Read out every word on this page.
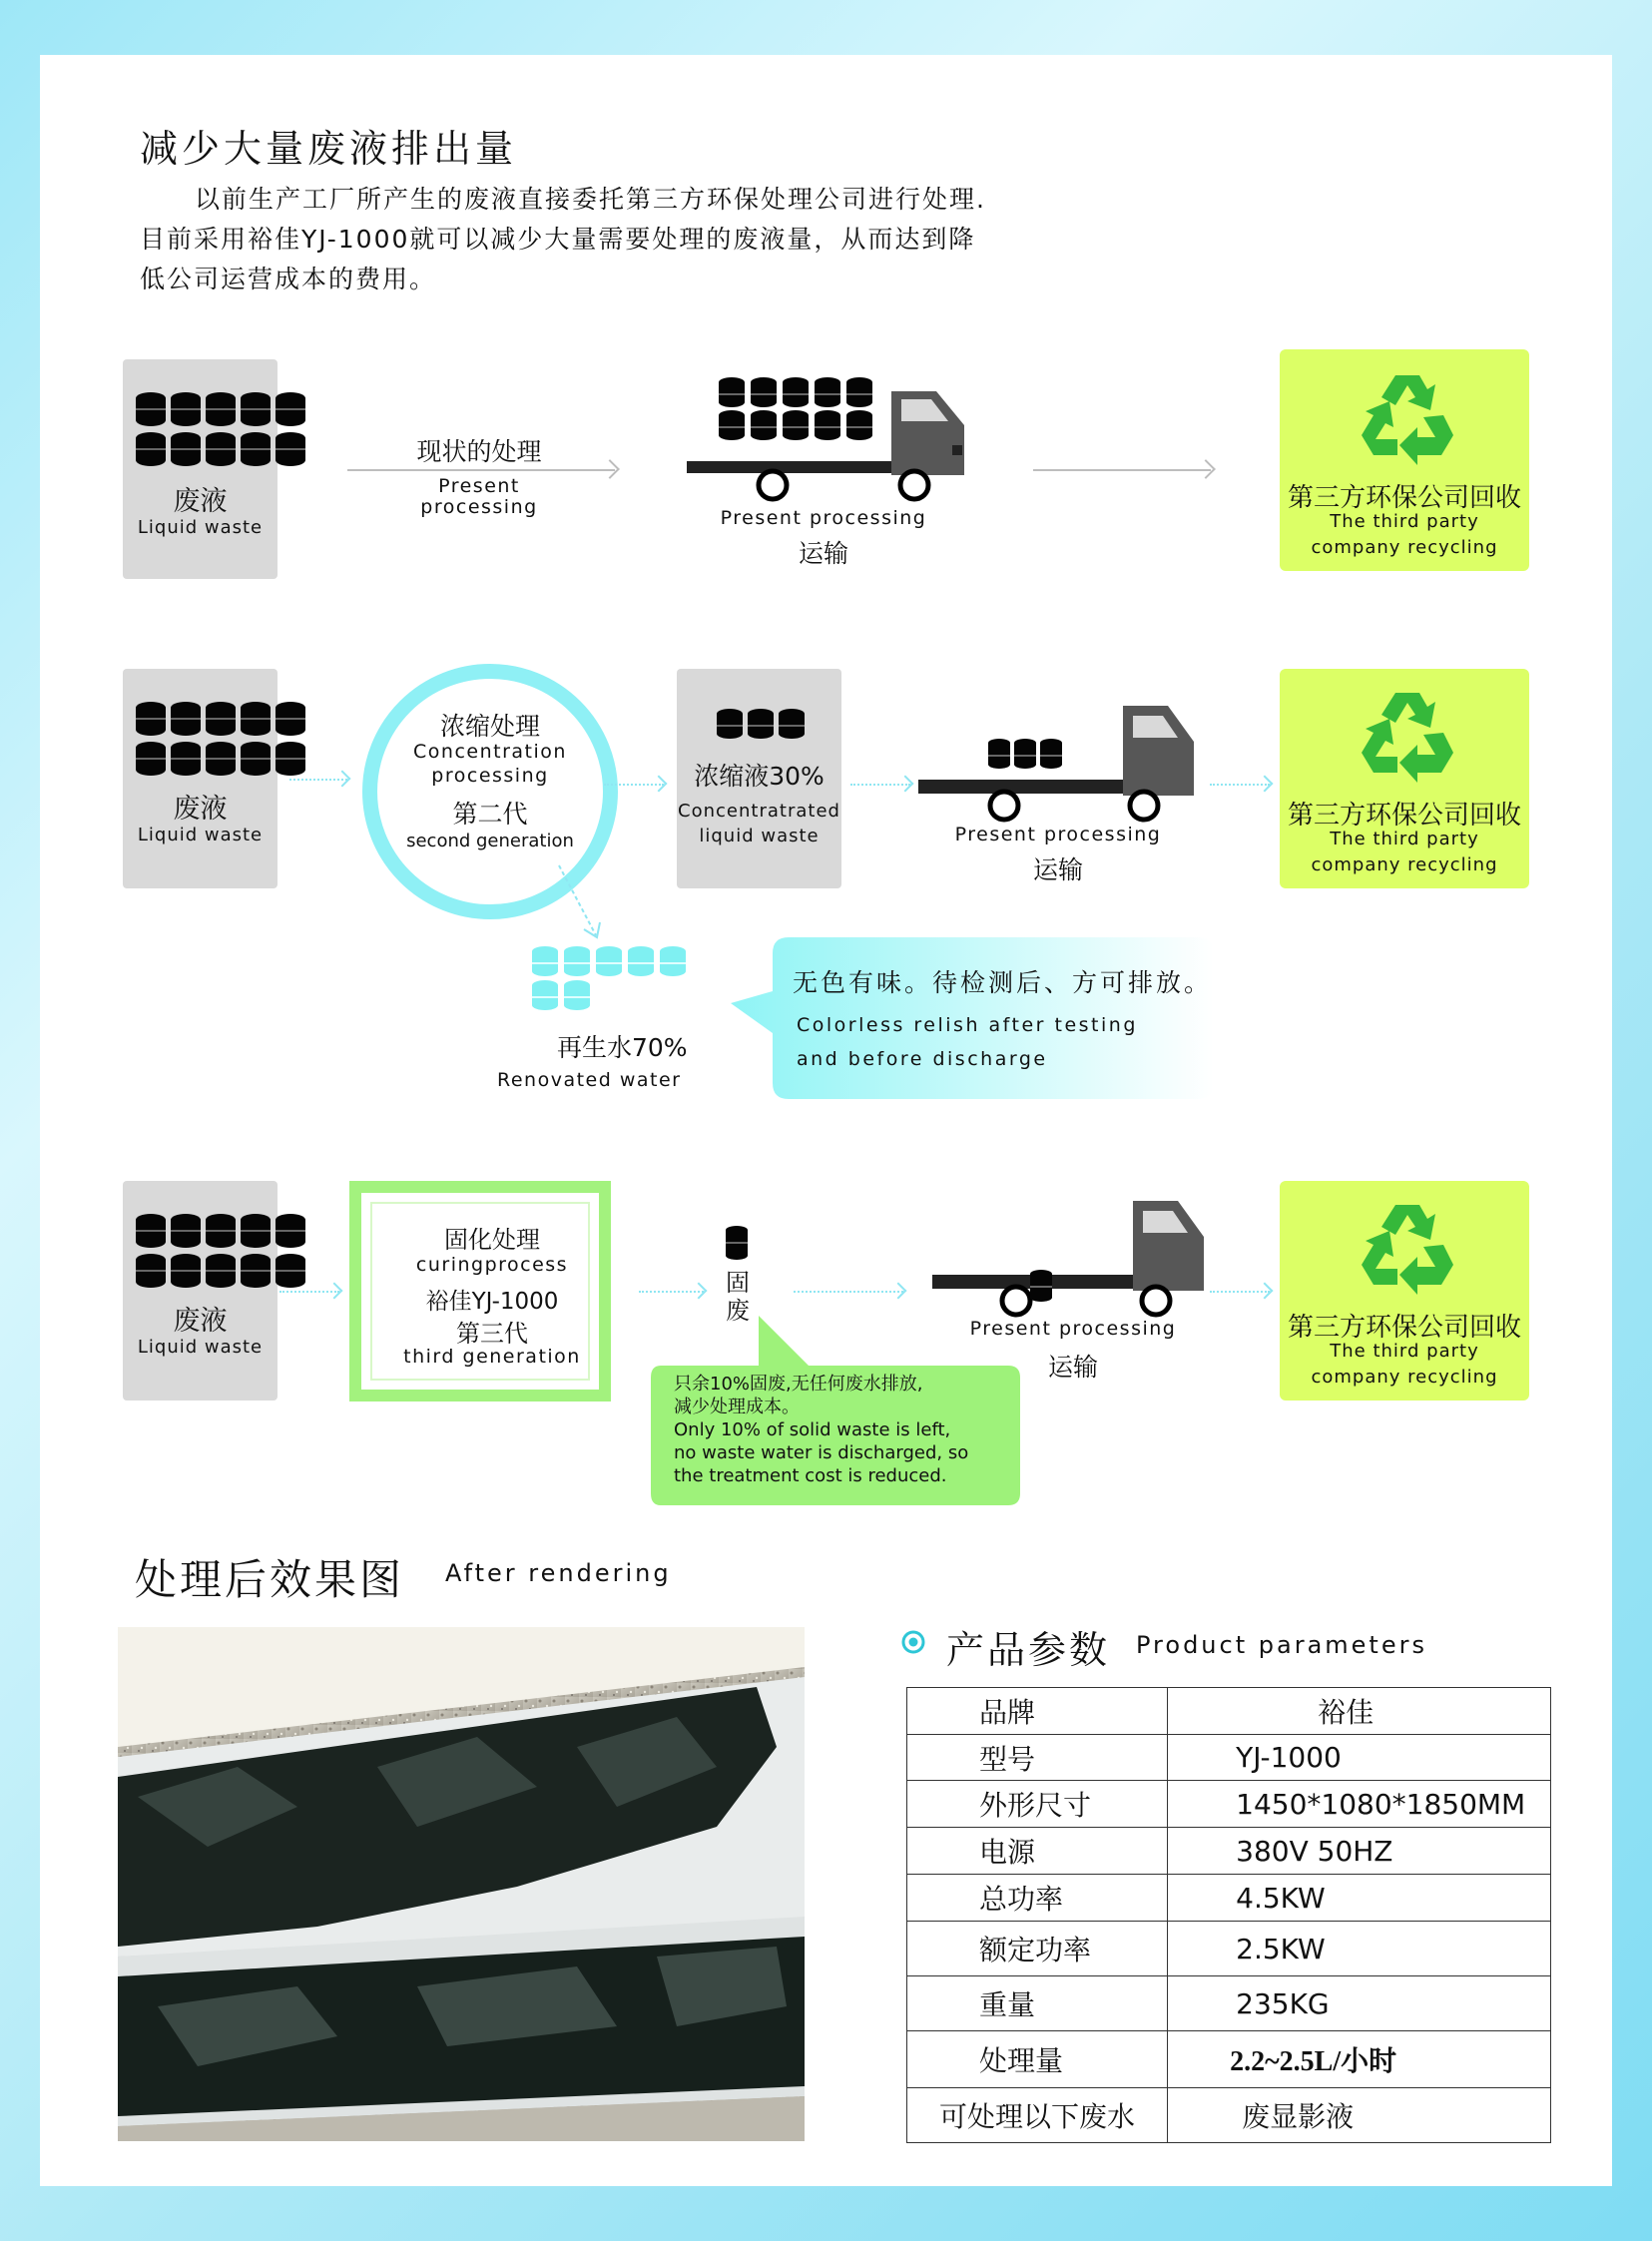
减少大量废液排出量
以前生产工厂所产生的废液直接委托第三方环保处理公司进行处理.
目前采用裕佳YJ-1000就可以减少大量需要处理的废液量，从而达到降
低公司运营成本的费用。
废液
Liquid waste
现状的处理
Present
processing	Present processing
运输
第三方环保公司回收
The third party
company recycling
废液
Liquid waste
浓缩处理
Concentration
processing
第二代
second generation
浓缩液30%
Concentratrated
liquid waste	Present processing
运输
第三方环保公司回收
The third party
company recycling
再生水70%
Renovated water
无色有味。待检测后、方可排放。
Colorless relish after testing
and before discharge
废液
Liquid waste
固化处理
curingprocess
裕佳YJ-1000
第三代
third generation
固
废
Present processing
运输
第三方环保公司回收
The third party
company recycling
只余10%固废,无任何废水排放,
减少处理成本。
Only 10% of solid waste is left,
no waste water is discharged, so
the treatment cost is reduced.
处理后效果图 After rendering
产品参数 Product parameters
品牌	裕佳
型号	YJ-1000
外形尺寸	1450*1080*1850MM
电源	380V 50HZ
总功率	4.5KW
额定功率	2.5KW
重量	235KG
处理量	2.2~2.5L/小时
可处理以下废水	废显影液
